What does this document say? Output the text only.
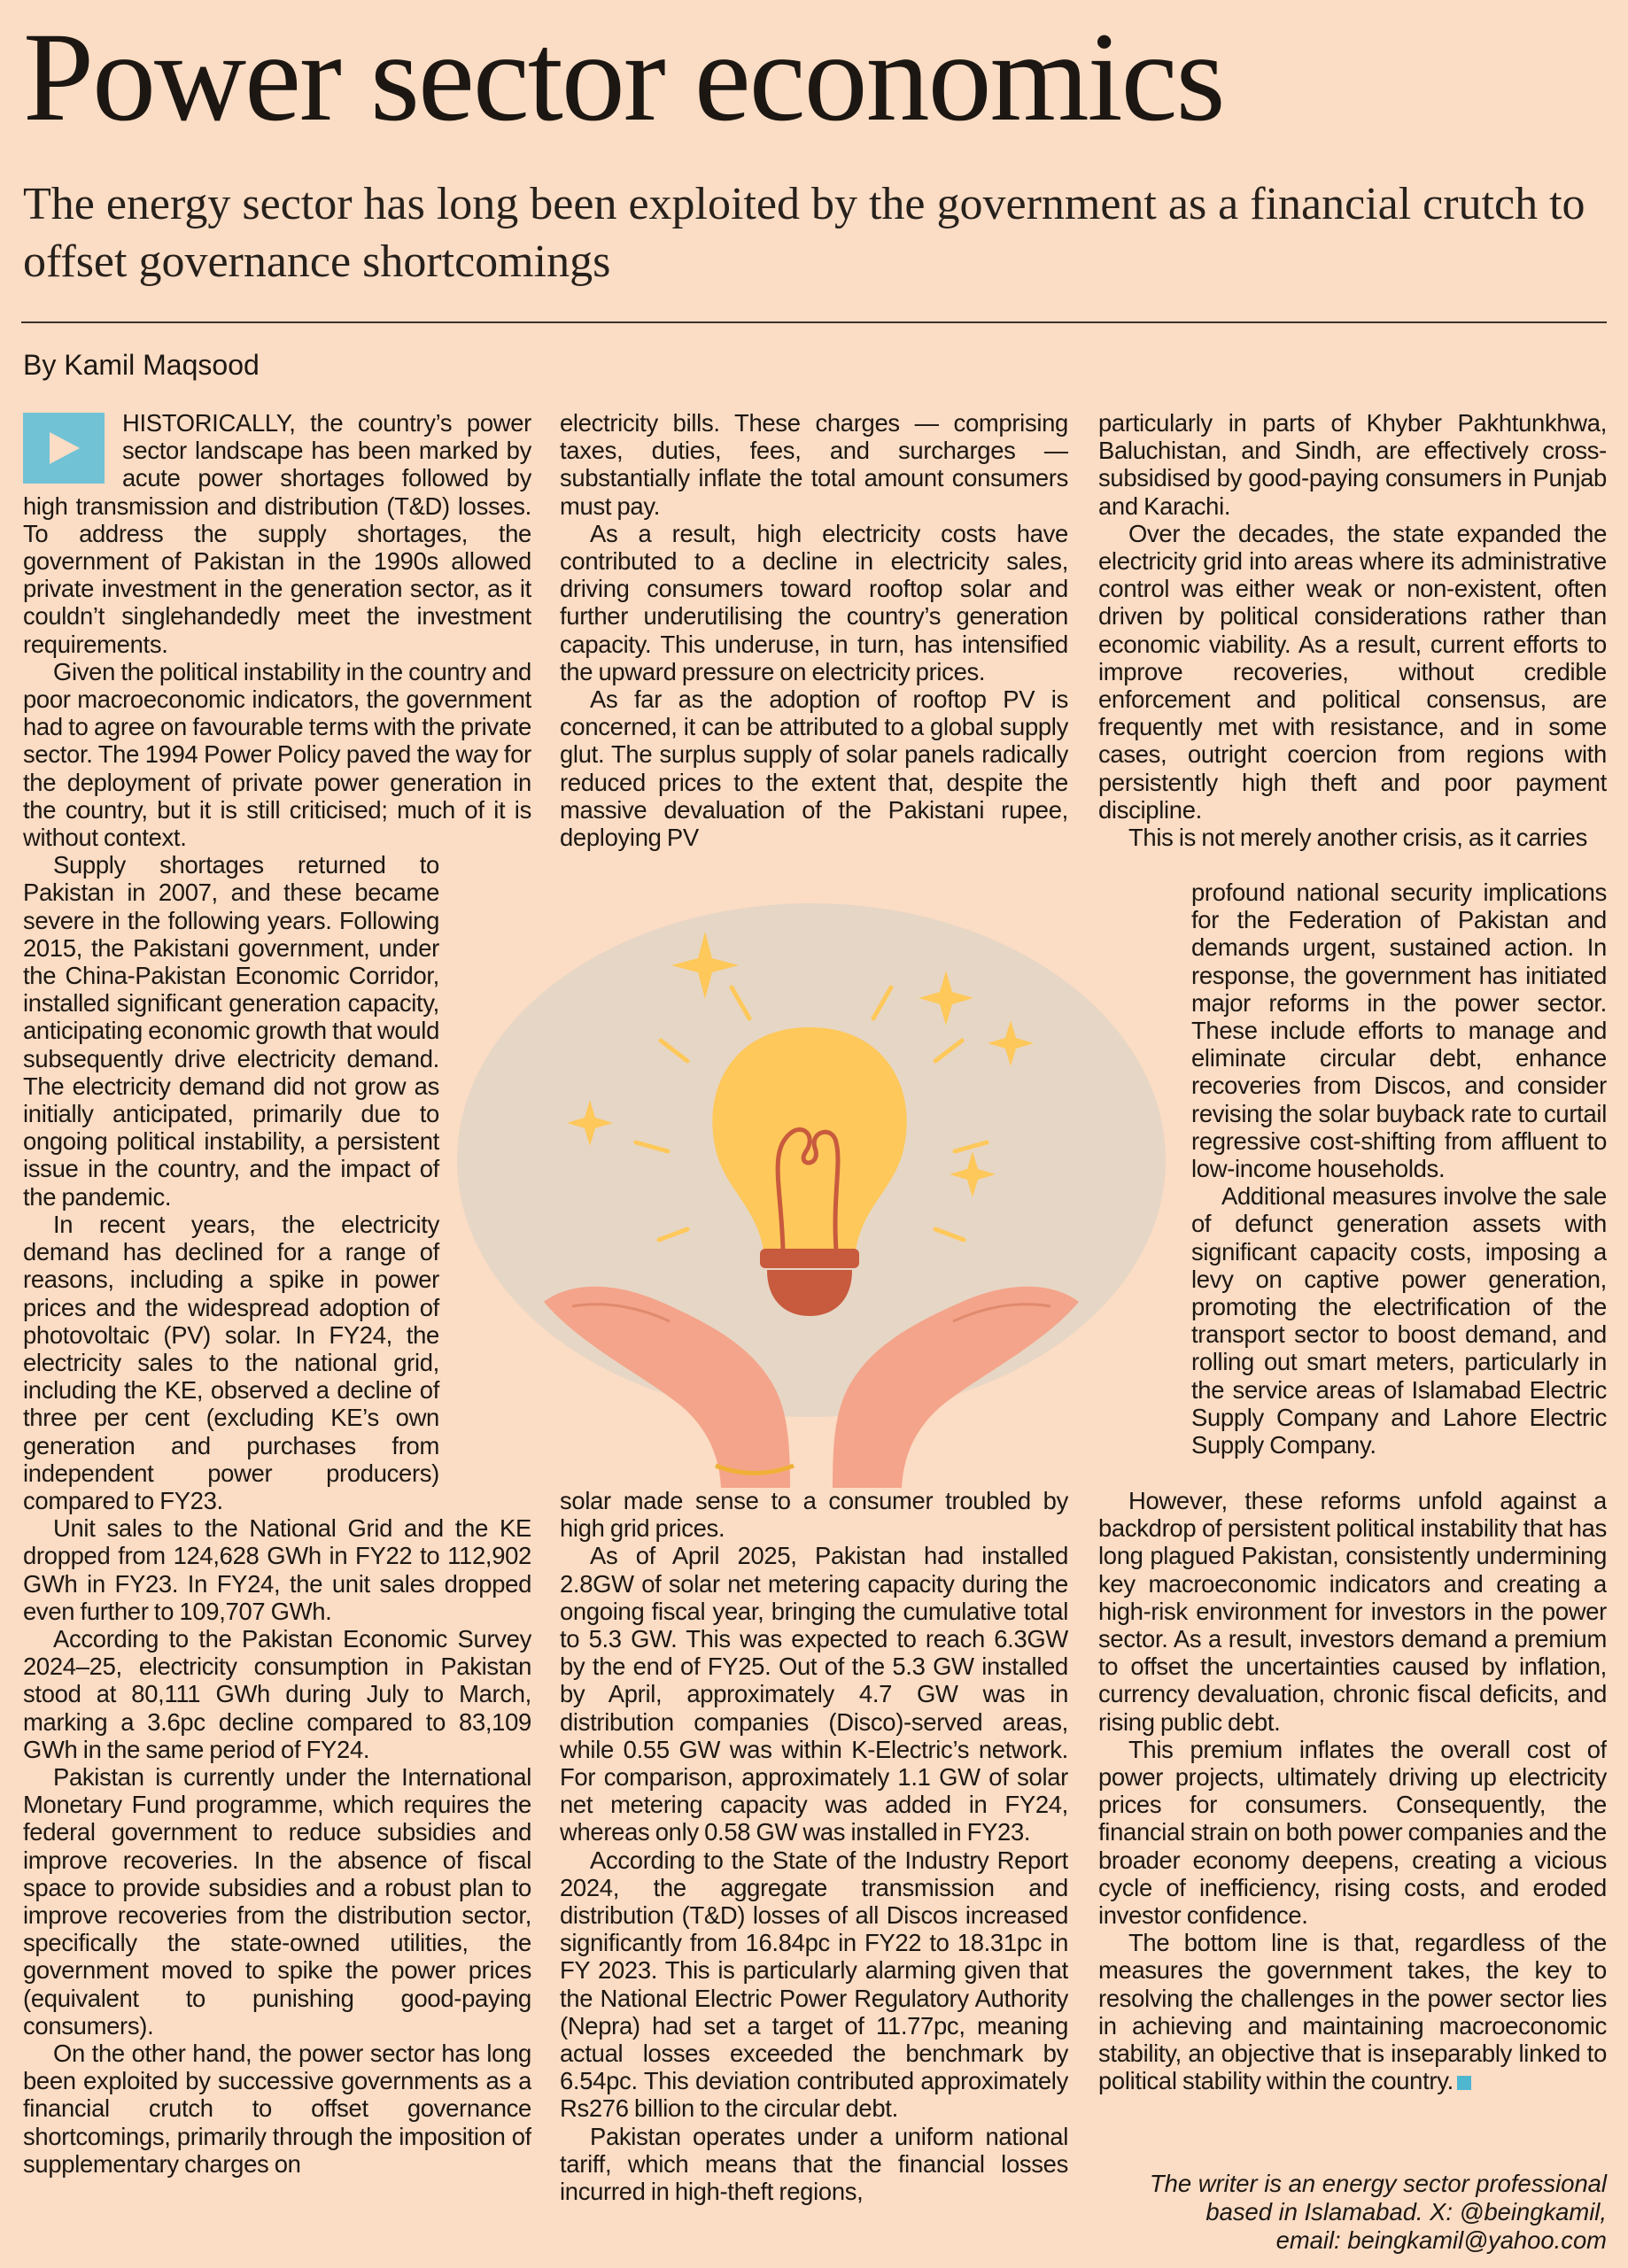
Power sector economics
The energy sector has long been exploited by the government as a financial crutch to offset governance shortcomings
By Kamil Maqsood

HISTORICALLY, the country’s power sector landscape has been marked by acute power shortages followed by high transmission and distribution (T&D) losses. To address the supply shortages, the government of Pakistan in the 1990s allowed private investment in the generation sector, as it couldn’t singlehandedly meet the investment requirements.

Given the political instability in the country and poor macroeconomic indicators, the government had to agree on favourable terms with the private sector. The 1994 Power Policy paved the way for the deployment of private power generation in the country, but it is still criticised; much of it is without context.

Supply shortages returned to Pakistan in 2007, and these became severe in the following years. Following 2015, the Pakistani government, under the China-Pakistan Economic Corridor, installed significant generation capacity, anticipating economic growth that would subsequently drive electricity demand. The electricity demand did not grow as initially anticipated, primarily due to ongoing political instability, a persistent issue in the country, and the impact of the pandemic.

In recent years, the electricity demand has declined for a range of reasons, including a spike in power prices and the widespread adoption of photovoltaic (PV) solar. In FY24, the electricity sales to the national grid, including the KE, observed a decline of three per cent (excluding KE’s own generation and purchases from independent power producers) compared to FY23.

Unit sales to the National Grid and the KE dropped from 124,628 GWh in FY22 to 112,902 GWh in FY23. In FY24, the unit sales dropped even further to 109,707 GWh.

According to the Pakistan Economic Survey 2024–25, electricity consumption in Pakistan stood at 80,111 GWh during July to March, marking a 3.6pc decline compared to 83,109 GWh in the same period of FY24.

Pakistan is currently under the International Monetary Fund programme, which requires the federal government to reduce subsidies and improve recoveries. In the absence of fiscal space to provide subsidies and a robust plan to improve recoveries from the distribution sector, specifically the state-owned utilities, the government moved to spike the power prices (equivalent to punishing good-paying consumers).

On the other hand, the power sector has long been exploited by successive governments as a financial crutch to offset governance shortcomings, primarily through the imposition of supplementary charges on

electricity bills. These charges — comprising taxes, duties, fees, and surcharges — substantially inflate the total amount consumers must pay.

As a result, high electricity costs have contributed to a decline in electricity sales, driving consumers toward rooftop solar and further underutilising the country’s generation capacity. This underuse, in turn, has intensified the upward pressure on electricity prices.

As far as the adoption of rooftop PV is concerned, it can be attributed to a global supply glut. The surplus supply of solar panels radically reduced prices to the extent that, despite the massive devaluation of the Pakistani rupee, deploying PV

solar made sense to a consumer troubled by high grid prices.

As of April 2025, Pakistan had installed 2.8GW of solar net metering capacity during the ongoing fiscal year, bringing the cumulative total to 5.3 GW. This was expected to reach 6.3GW by the end of FY25. Out of the 5.3 GW installed by April, approximately 4.7 GW was in distribution companies (Disco)-served areas, while 0.55 GW was within K-Electric’s network. For comparison, approximately 1.1 GW of solar net metering capacity was added in FY24, whereas only 0.58 GW was installed in FY23.

According to the State of the Industry Report 2024, the aggregate transmission and distribution (T&D) losses of all Discos increased significantly from 16.84pc in FY22 to 18.31pc in FY 2023. This is particularly alarming given that the National Electric Power Regulatory Authority (Nepra) had set a target of 11.77pc, meaning actual losses exceeded the benchmark by 6.54pc. This deviation contributed approximately Rs276 billion to the circular debt.

Pakistan operates under a uniform national tariff, which means that the financial losses incurred in high-theft regions,

particularly in parts of Khyber Pakhtunkhwa, Baluchistan, and Sindh, are effectively cross-subsidised by good-paying consumers in Punjab and Karachi.

Over the decades, the state expanded the electricity grid into areas where its administrative control was either weak or non-existent, often driven by political considerations rather than economic viability. As a result, current efforts to improve recoveries, without credible enforcement and political consensus, are frequently met with resistance, and in some cases, outright coercion from regions with persistently high theft and poor payment discipline.

This is not merely another crisis, as it carries

profound national security implications for the Federation of Pakistan and demands urgent, sustained action. In response, the government has initiated major reforms in the power sector. These include efforts to manage and eliminate circular debt, enhance recoveries from Discos, and consider revising the solar buyback rate to curtail regressive cost-shifting from affluent to low-income households.

Additional measures involve the sale of defunct generation assets with significant capacity costs, imposing a levy on captive power generation, promoting the electrification of the transport sector to boost demand, and rolling out smart meters, particularly in the service areas of Islamabad Electric Supply Company and Lahore Electric Supply Company.

However, these reforms unfold against a backdrop of persistent political instability that has long plagued Pakistan, consistently undermining key macroeconomic indicators and creating a high-risk environment for investors in the power sector. As a result, investors demand a premium to offset the uncertainties caused by inflation, currency devaluation, chronic fiscal deficits, and rising public debt.

This premium inflates the overall cost of power projects, ultimately driving up electricity prices for consumers. Consequently, the financial strain on both power companies and the broader economy deepens, creating a vicious cycle of inefficiency, rising costs, and eroded investor confidence.

The bottom line is that, regardless of the measures the government takes, the key to resolving the challenges in the power sector lies in achieving and maintaining macroeconomic stability, an objective that is inseparably linked to political stability within the country.

The writer is an energy sector professional
based in Islamabad. X: @beingkamil,
email: beingkamil@yahoo.com
